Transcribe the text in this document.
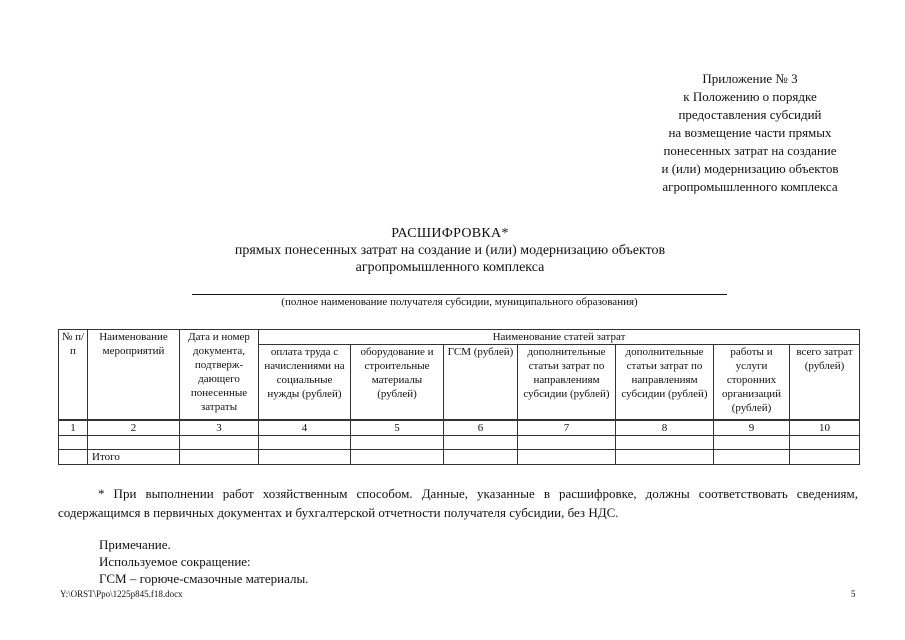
Приложение № 3
к Положению о порядке
предоставления субсидий
на возмещение части прямых
понесенных затрат на создание
и (или) модернизацию объектов
агропромышленного комплекса
РАСШИФРОВКА*
прямых понесенных затрат на создание и (или) модернизацию объектов
агропромышленного комплекса
(полное наименование получателя субсидии, муниципального образования)
№ п/п	Наименование мероприятий	Дата и номер документа, подтверж-дающего понесенные затраты	Наименование статей затрат						
			оплата труда с начислениями на социальные нужды (рублей)	оборудование и строительные материалы (рублей)	ГСМ (рублей)	дополнительные статьи затрат по направлениям субсидии (рублей)	дополнительные статьи затрат по направлениям субсидии (рублей)	работы и услуги сторонних организаций (рублей)	всего затрат (рублей)
1	2	3	4	5	6	7	8	9	10

	Итого								
* При выполнении работ хозяйственным способом. Данные, указанные в расшифровке, должны соответствовать сведениям, содержащимся в первичных документах и бухгалтерской отчетности получателя субсидии, без НДС.
Примечание.
Используемое сокращение:
ГСМ – горюче-смазочные материалы.
Y:\ORST\Ppo\1225p845.f18.docx	5
